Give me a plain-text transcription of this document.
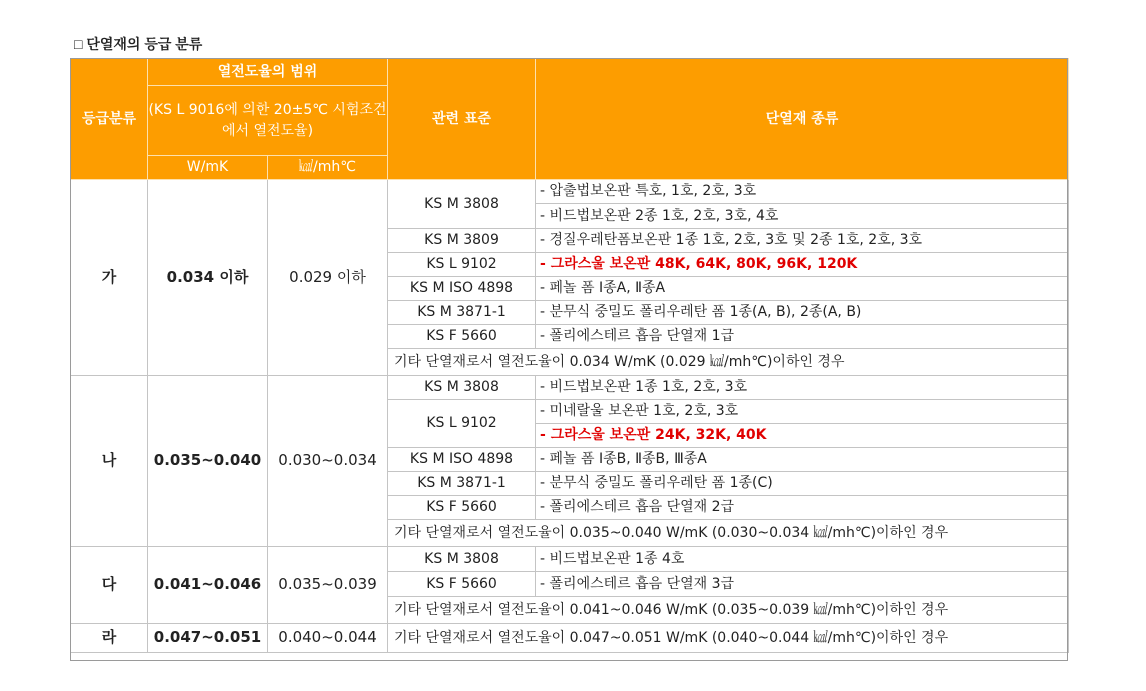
□ 단열재의 등급 분류
등급분류	열전도율의 범위		관련 표준	단열재 종류
	(KS L 9016에 의한 20±5℃ 시험조건에서 열전도율)			
	W/mK	㎉/mh℃		
가	0.034 이하	0.029 이하	KS M 3808	- 압출법보온판 특호, 1호, 2호, 3호
				- 비드법보온판 2종 1호, 2호, 3호, 4호
			KS M 3809	- 경질우레탄폼보온판 1종 1호, 2호, 3호 및 2종 1호, 2호, 3호
			KS L 9102	- 그라스울 보온판 48K, 64K, 80K, 96K, 120K
			KS M ISO 4898	- 페놀 폼 Ⅰ종A, Ⅱ종A
			KS M 3871-1	- 분무식 중밀도 폴리우레탄 폼 1종(A, B), 2종(A, B)
			KS F 5660	- 폴리에스테르 흡음 단열재 1급
			기타 단열재로서 열전도율이 0.034 W/mK (0.029 ㎉/mh℃)이하인 경우	
나	0.035~0.040	0.030~0.034	KS M 3808	- 비드법보온판 1종 1호, 2호, 3호
			KS L 9102	- 미네랄울 보온판 1호, 2호, 3호
				- 그라스울 보온판 24K, 32K, 40K
			KS M ISO 4898	- 페놀 폼 Ⅰ종B, Ⅱ종B, Ⅲ종A
			KS M 3871-1	- 분무식 중밀도 폴리우레탄 폼 1종(C)
			KS F 5660	- 폴리에스테르 흡음 단열재 2급
			기타 단열재로서 열전도율이 0.035~0.040 W/mK (0.030~0.034 ㎉/mh℃)이하인 경우	
다	0.041~0.046	0.035~0.039	KS M 3808	- 비드법보온판 1종 4호
			KS F 5660	- 폴리에스테르 흡음 단열재 3급
			기타 단열재로서 열전도율이 0.041~0.046 W/mK (0.035~0.039 ㎉/mh℃)이하인 경우	
라	0.047~0.051	0.040~0.044	기타 단열재로서 열전도율이 0.047~0.051 W/mK (0.040~0.044 ㎉/mh℃)이하인 경우	
